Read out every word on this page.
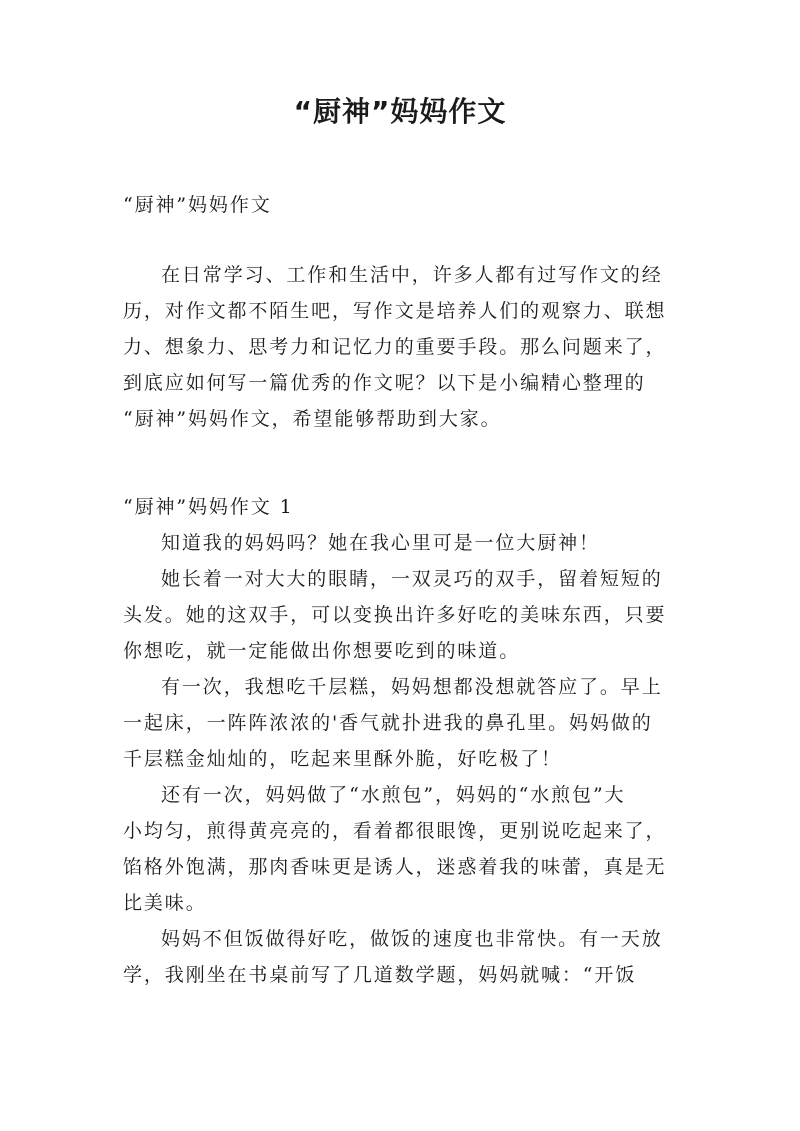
“厨神”妈妈作文
“厨神”妈妈作文

在日常学习、工作和生活中，许多人都有过写作文的经
历，对作文都不陌生吧，写作文是培养人们的观察力、联想
力、想象力、思考力和记忆力的重要手段。那么问题来了，
到底应如何写一篇优秀的作文呢？以下是小编精心整理的
“厨神”妈妈作文，希望能够帮助到大家。

“厨神”妈妈作文 1

知道我的妈妈吗？她在我心里可是一位大厨神！

她长着一对大大的眼睛，一双灵巧的双手，留着短短的
头发。她的这双手，可以变换出许多好吃的美味东西，只要
你想吃，就一定能做出你想要吃到的味道。

有一次，我想吃千层糕，妈妈想都没想就答应了。早上
一起床，一阵阵浓浓的'香气就扑进我的鼻孔里。妈妈做的
千层糕金灿灿的，吃起来里酥外脆，好吃极了！

还有一次，妈妈做了“水煎包”，妈妈的“水煎包”大
小均匀，煎得黄亮亮的，看着都很眼馋，更别说吃起来了，
馅格外饱满，那肉香味更是诱人，迷惑着我的味蕾，真是无
比美味。

妈妈不但饭做得好吃，做饭的速度也非常快。有一天放
学，我刚坐在书桌前写了几道数学题，妈妈就喊：“开饭
